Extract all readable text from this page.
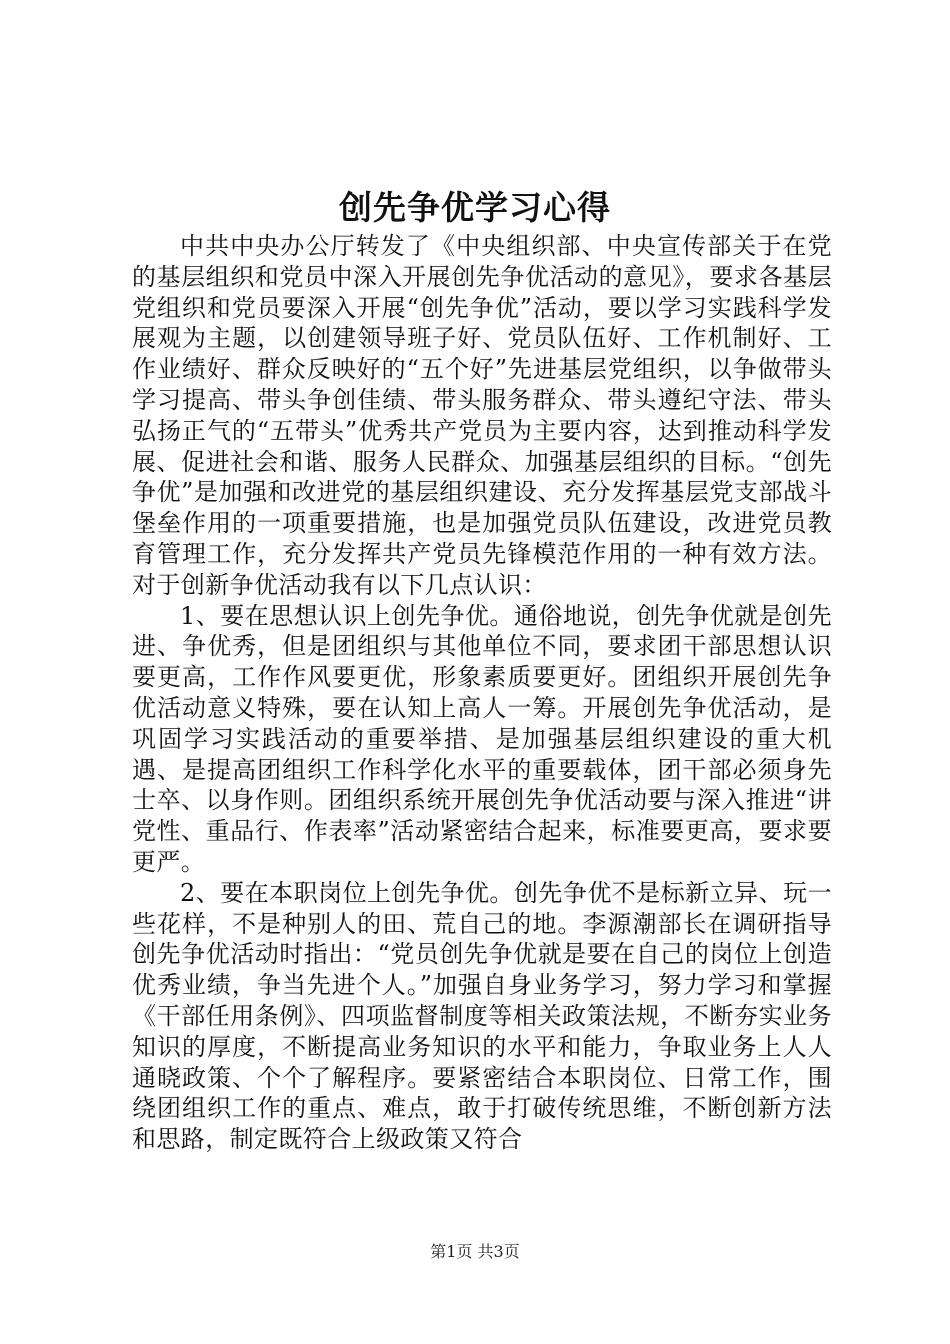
创先争优学习心得

中共中央办公厅转发了《中央组织部、中央宣传部关于在党的基层组织和党员中深入开展创先争优活动的意见》，要求各基层党组织和党员要深入开展“创先争优”活动，要以学习实践科学发展观为主题，以创建领导班子好、党员队伍好、工作机制好、工作业绩好、群众反映好的“五个好”先进基层党组织，以争做带头学习提高、带头争创佳绩、带头服务群众、带头遵纪守法、带头弘扬正气的“五带头”优秀共产党员为主要内容，达到推动科学发展、促进社会和谐、服务人民群众、加强基层组织的目标。“创先争优”是加强和改进党的基层组织建设、充分发挥基层党支部战斗堡垒作用的一项重要措施，也是加强党员队伍建设，改进党员教育管理工作，充分发挥共产党员先锋模范作用的一种有效方法。对于创新争优活动我有以下几点认识：

1、要在思想认识上创先争优。通俗地说，创先争优就是创先进、争优秀，但是团组织与其他单位不同，要求团干部思想认识要更高，工作作风要更优，形象素质要更好。团组织开展创先争优活动意义特殊，要在认知上高人一筹。开展创先争优活动，是巩固学习实践活动的重要举措、是加强基层组织建设的重大机遇、是提高团组织工作科学化水平的重要载体，团干部必须身先士卒、以身作则。团组织系统开展创先争优活动要与深入推进“讲党性、重品行、作表率”活动紧密结合起来，标准要更高，要求要更严。

2、要在本职岗位上创先争优。创先争优不是标新立异、玩一些花样，不是种别人的田、荒自己的地。李源潮部长在调研指导创先争优活动时指出：“党员创先争优就是要在自己的岗位上创造优秀业绩，争当先进个人。”加强自身业务学习，努力学习和掌握《干部任用条例》、四项监督制度等相关政策法规，不断夯实业务知识的厚度，不断提高业务知识的水平和能力，争取业务上人人通晓政策、个个了解程序。要紧密结合本职岗位、日常工作，围绕团组织工作的重点、难点，敢于打破传统思维，不断创新方法和思路，制定既符合上级政策又符合

第1页 共3页
